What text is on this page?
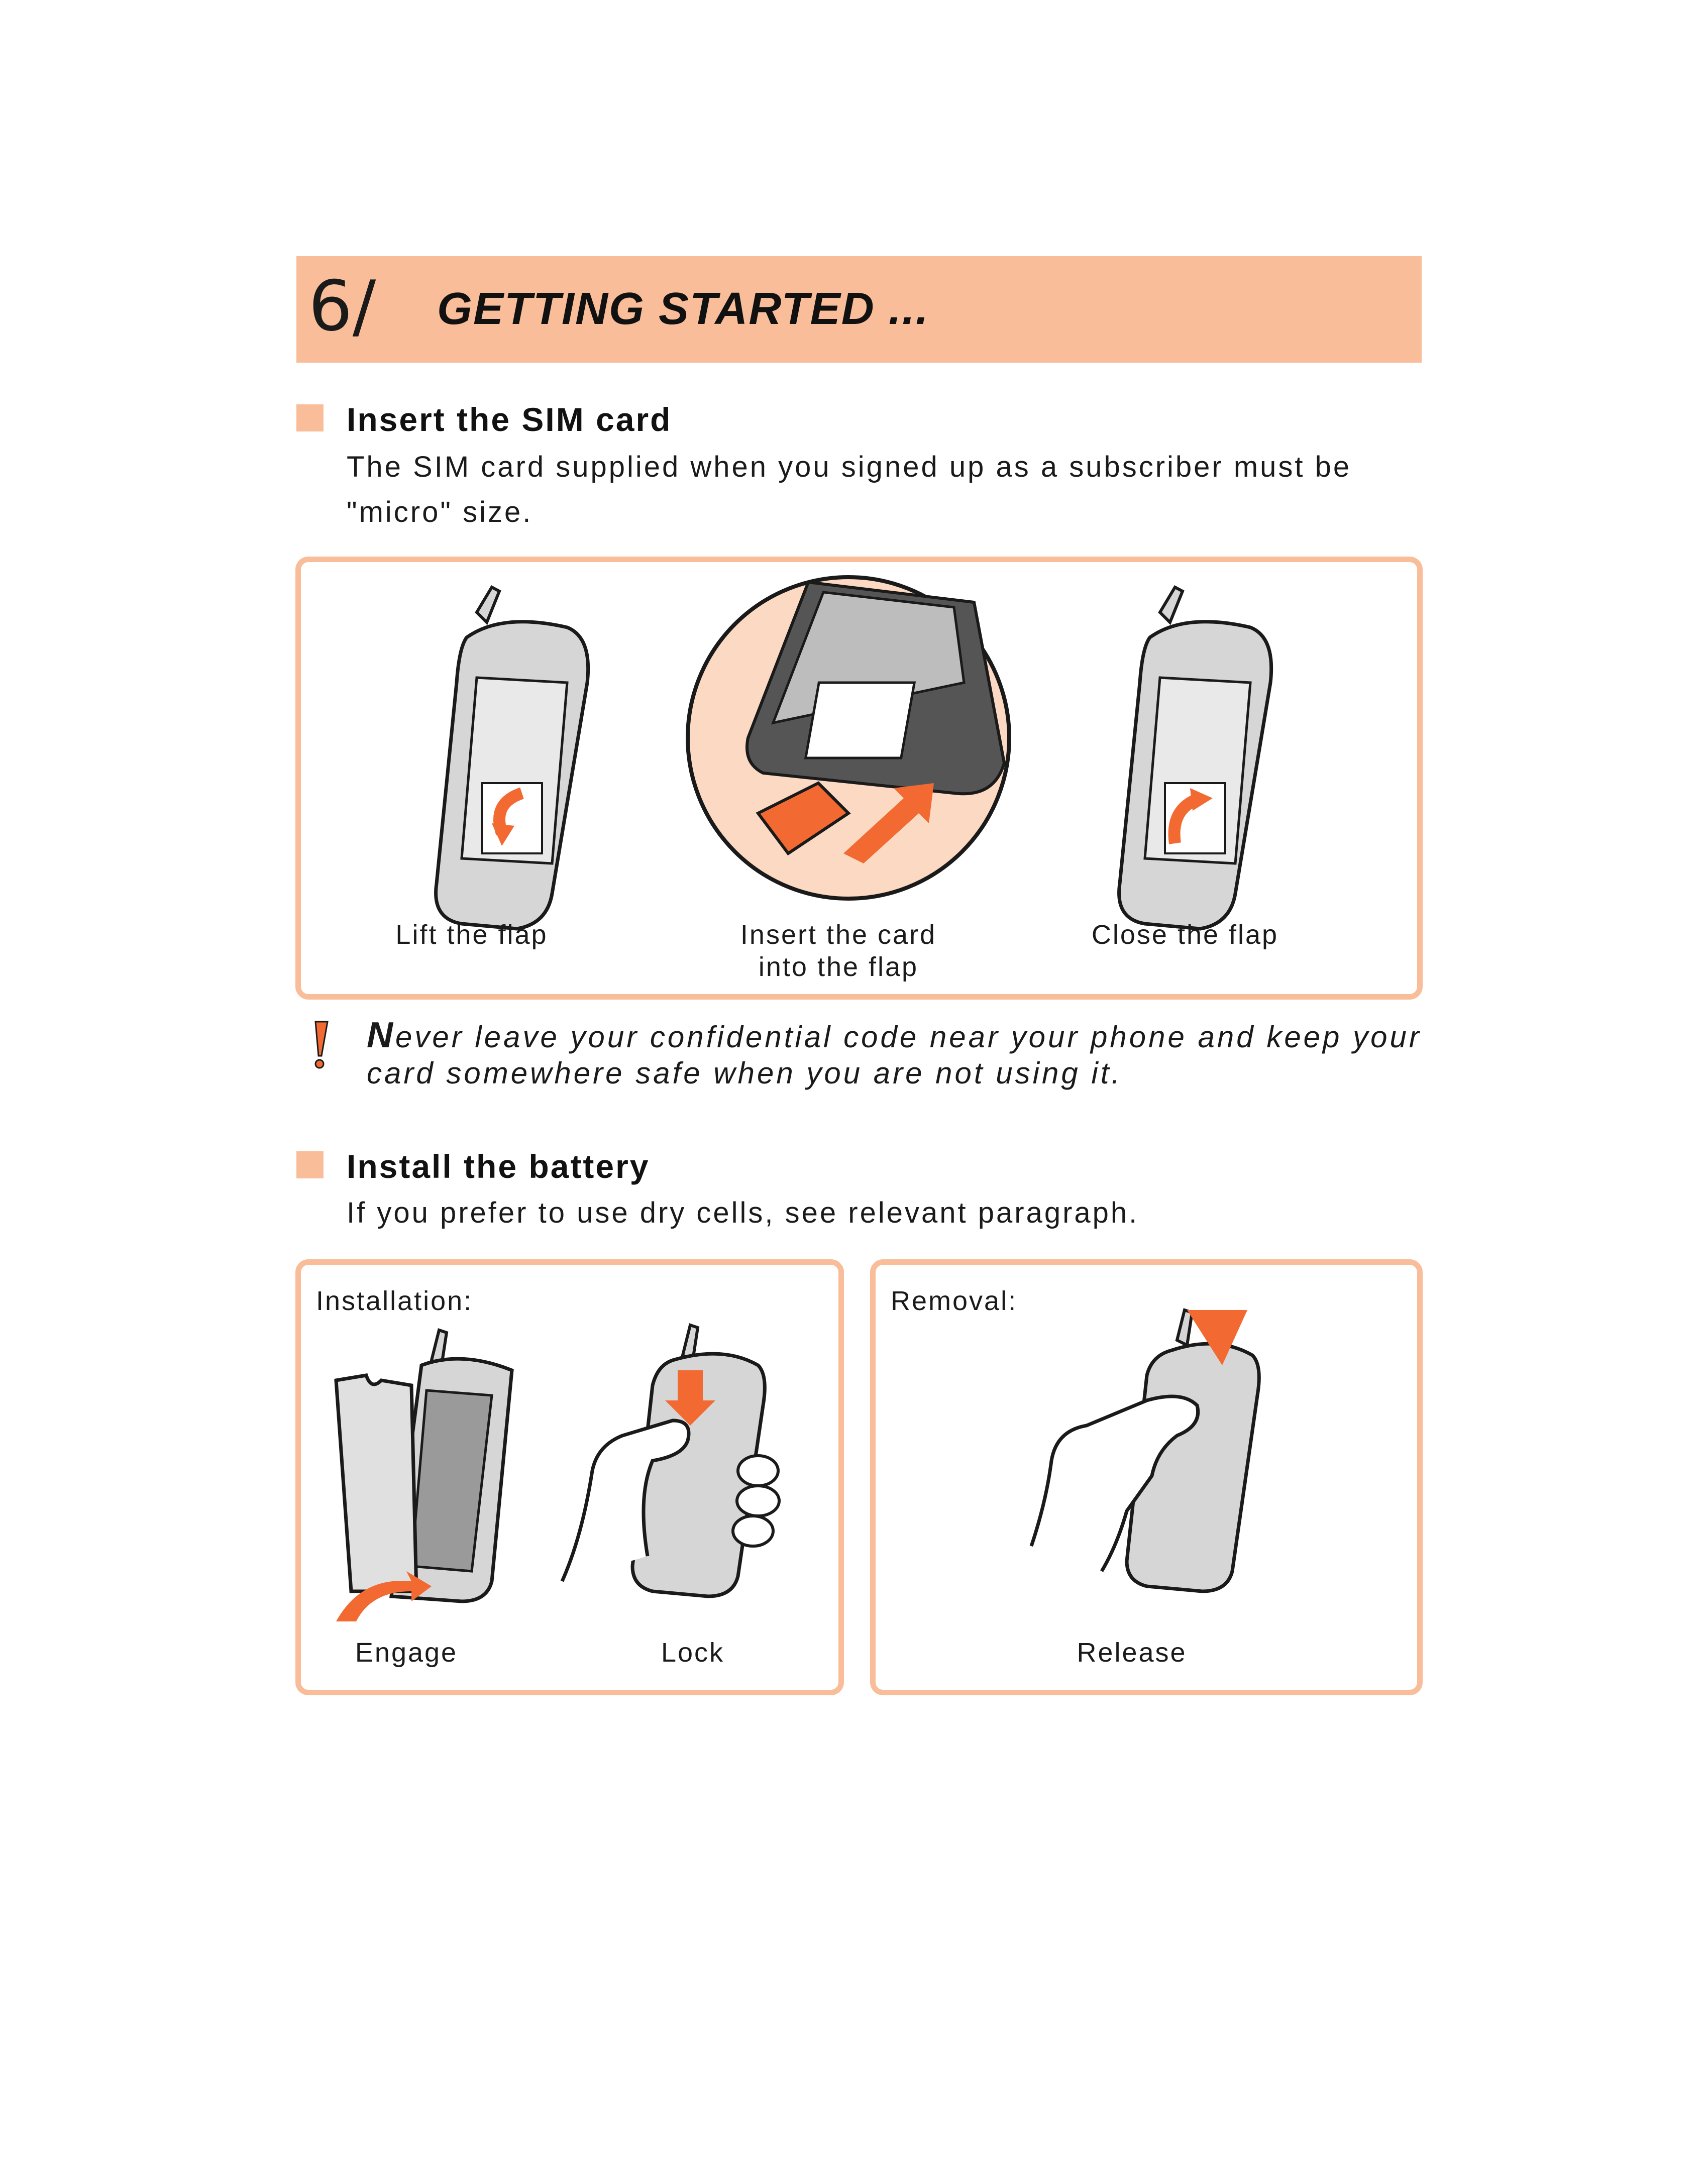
6/ GETTING STARTED ...
Insert the SIM card
The SIM card supplied when you signed up as a subscriber must be "micro" size.
Lift the flap	Insert the card into the flap
Close the flap
Never leave your confidential code near your phone and keep your card somewhere safe when you are not using it.
Install the battery
If you prefer to use dry cells, see relevant paragraph.
Installation:
Engage	Lock
Removal:
Release
